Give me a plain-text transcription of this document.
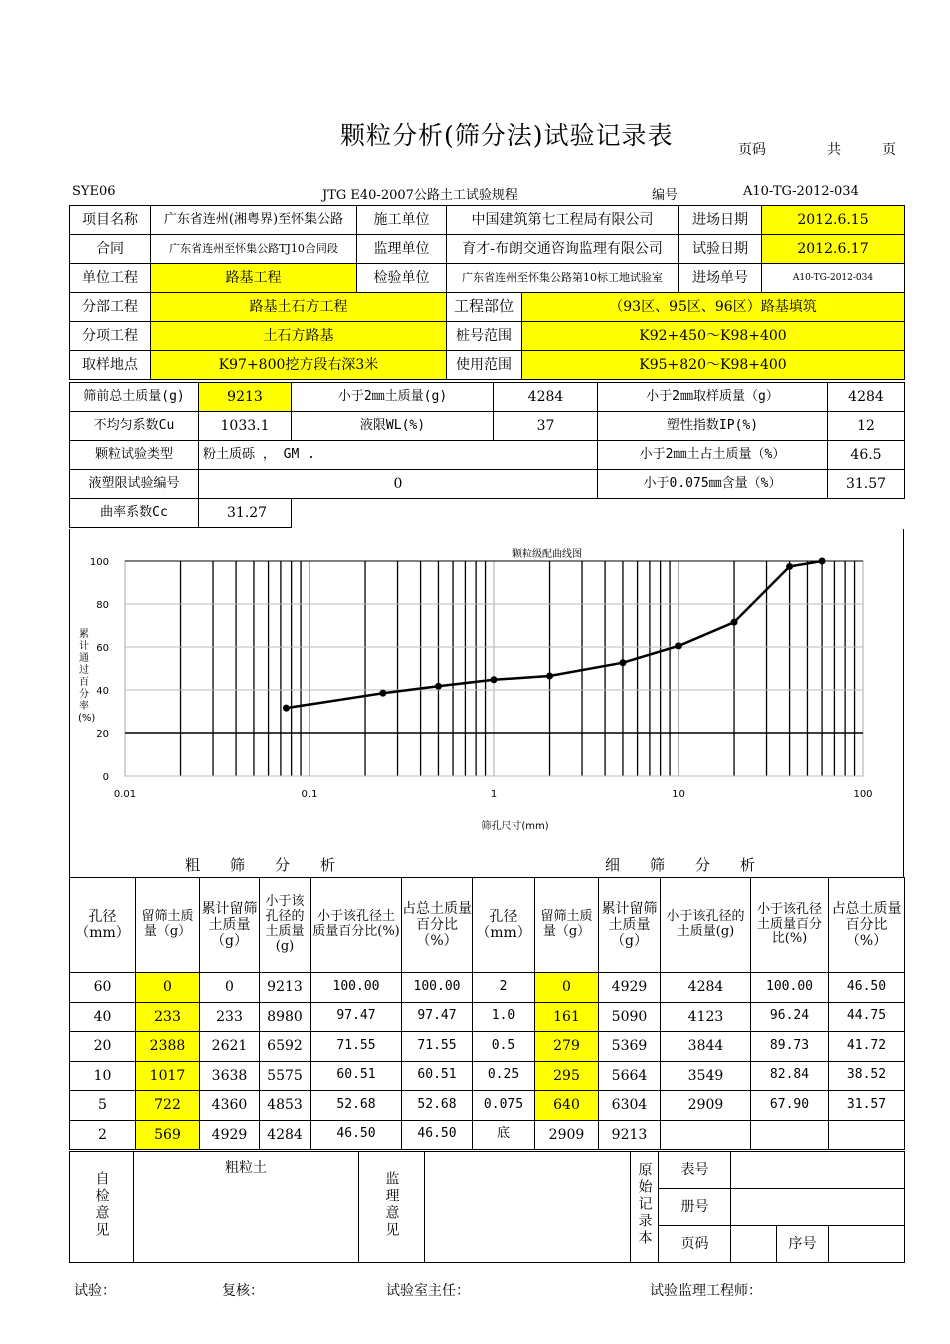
颗粒分析(筛分法)试验记录表	页码	共	页
SYE06	JTG E40-2007公路土工试验规程	编号	A10-TG-2012-034
项目名称	广东省连州(湘粤界)至怀集公路	施工单位	中国建筑第七工程局有限公司		进场日期	2012.6.15
合同	广东省连州至怀集公路TJ10合同段	监理单位	育才-布朗交通咨询监理有限公司		试验日期	2012.6.17
单位工程	路基工程	检验单位	广东省连州至怀集公路第10标工地试验室		进场单号	A10-TG-2012-034
分部工程	路基土石方工程		工程部位	（93区、95区、96区）路基填筑		
分项工程	土石方路基		桩号范围	K92+450～K98+400		
取样地点	K97+800挖方段右深3米		使用范围	K95+820～K98+400		
筛前总土质量(g)	9213	小于2㎜土质量(g)	4284	小于2㎜取样质量（g）	4284
不均匀系数Cu	1033.1	液限WL(%)	37	塑性指数IP(%)	12
颗粒试验类型	粉土质砾 ， GM .			小于2㎜土占土质量（%）	46.5
液塑限试验编号	0			小于0.075㎜含量（%）	31.57
曲率系数Cc	31.27				
0
20
40
60
80
100
0.01	0.1	1	10	100
颗粒级配曲线图
筛孔尺寸(mm)
累计通过百分率(%)
粗　　筛　　分　　析	细　　筛　　分　　析
孔径（mm）	留筛土质量（g）	累计留筛土质量（g）	小于该孔径的土质量(g)	小于该孔径土质量百分比(%)	占总土质量百分比（%）	孔径（mm）	留筛土质量（g）	累计留筛土质量（g）	小于该孔径的土质量(g)	小于该孔径土质量百分比(%)	占总土质量百分比（%）
60	0	0	9213	100.00	100.00	2	0	4929	4284	100.00	46.50
40	233	233	8980	97.47	97.47	1.0	161	5090	4123	96.24	44.75
20	2388	2621	6592	71.55	71.55	0.5	279	5369	3844	89.73	41.72
10	1017	3638	5575	60.51	60.51	0.25	295	5664	3549	82.84	38.52
5	722	4360	4853	52.68	52.68	0.075	640	6304	2909	67.90	31.57
2	569	4929	4284	46.50	46.50	底	2909	9213			
自检意见	粗粒土	监理意见		原始记录本	表号			
					册号			
					页码		序号	
试验：	复核：	试验室主任：	试验监理工程师：
